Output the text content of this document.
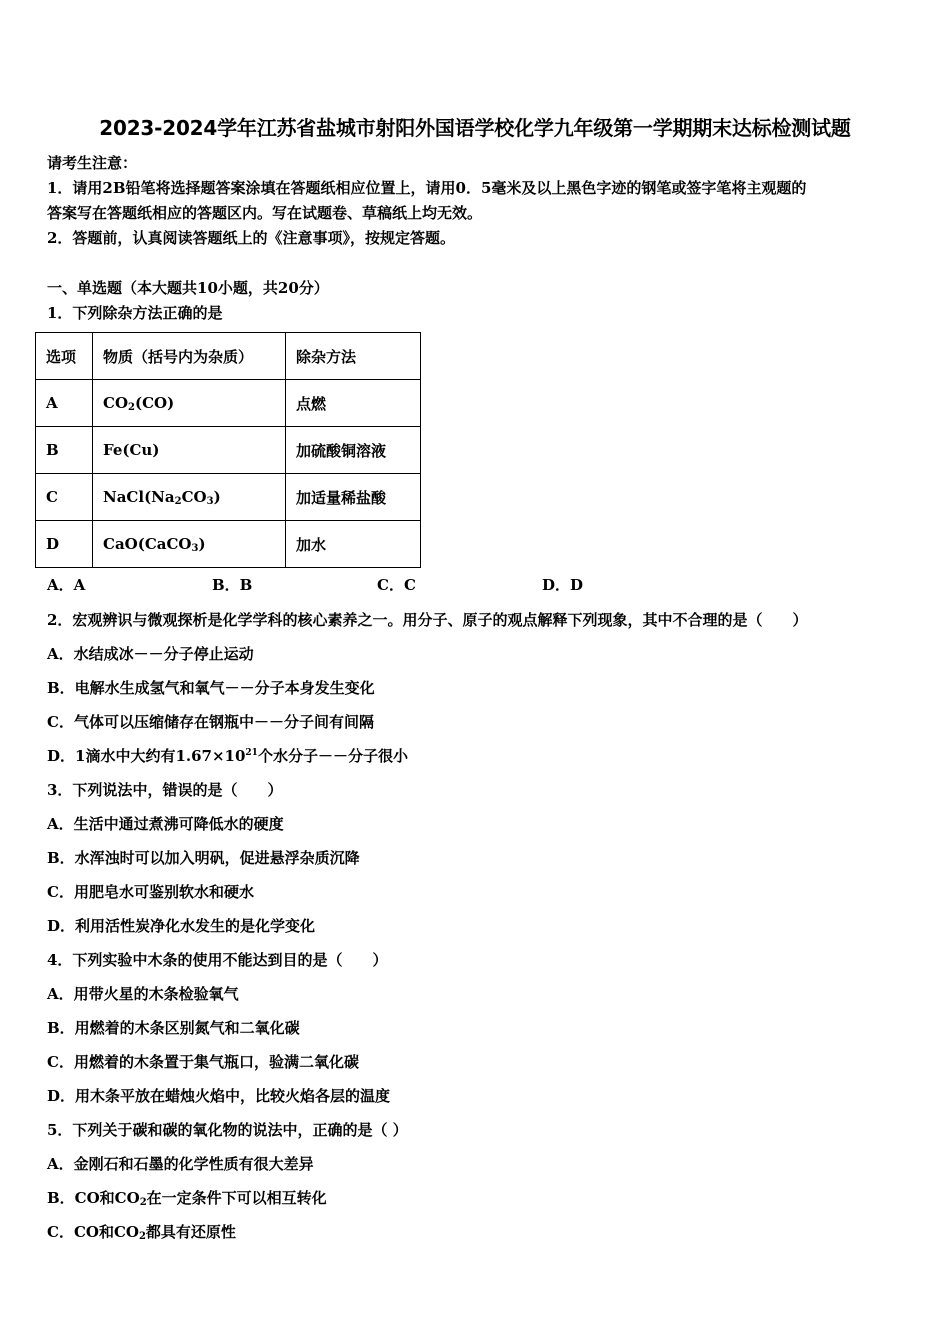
2023-2024学年江苏省盐城市射阳外国语学校化学九年级第一学期期末达标检测试题
请考生注意：
1．请用2B铅笔将选择题答案涂填在答题纸相应位置上，请用0．5毫米及以上黑色字迹的钢笔或签字笔将主观题的
答案写在答题纸相应的答题区内。写在试题卷、草稿纸上均无效。
2．答题前，认真阅读答题纸上的《注意事项》，按规定答题。
一、单选题（本大题共10小题，共20分）
1．下列除杂方法正确的是
选项	物质（括号内为杂质）	除杂方法
A	$CO_2(CO)$	点燃
B	Fe(Cu)	加硫酸铜溶液
C	$NaCl(Na_2CO_3)$	加适量稀盐酸
D	CaO(CaCO$_3$)	加水
A．A	B．B	C．C	D．D
2．宏观辨识与微观探析是化学学科的核心素养之一。用分子、原子的观点解释下列现象，其中不合理的是（　　）
A．水结成冰－－分子停止运动
B．电解水生成氢气和氧气－－分子本身发生变化
C．气体可以压缩储存在钢瓶中－－分子间有间隔
D．1滴水中大约有$1.67\times 10^{21}$个水分子－－分子很小
3．下列说法中，错误的是（　　）
A．生活中通过煮沸可降低水的硬度
B．水浑浊时可以加入明矾，促进悬浮杂质沉降
C．用肥皂水可鉴别软水和硬水
D．利用活性炭净化水发生的是化学变化
4．下列实验中木条的使用不能达到目的是（　　）
A．用带火星的木条检验氧气
B．用燃着的木条区别氮气和二氧化碳
C．用燃着的木条置于集气瓶口，验满二氧化碳
D．用木条平放在蜡烛火焰中，比较火焰各层的温度
5．下列关于碳和碳的氧化物的说法中，正确的是（ ）
A．金刚石和石墨的化学性质有很大差异
B．CO和$CO_2$在一定条件下可以相互转化
C．CO和$CO_2$都具有还原性
